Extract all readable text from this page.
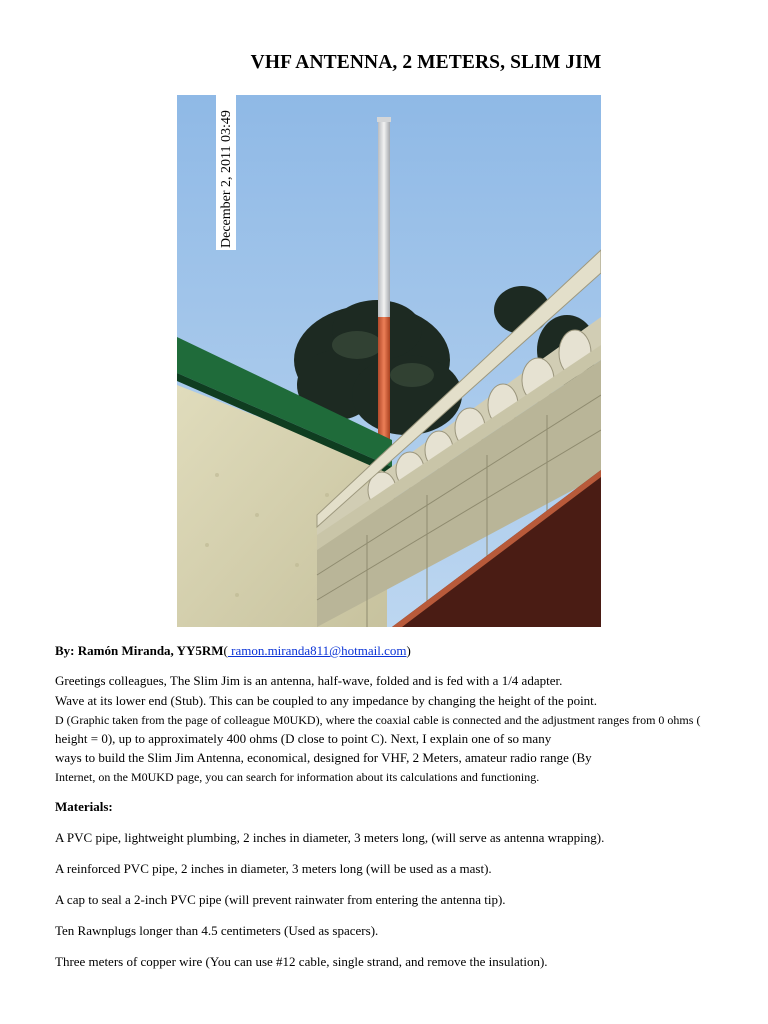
VHF ANTENNA, 2 METERS, SLIM JIM
December 2, 2011 03:49
By: Ramón Miranda, YY5RM( ramon.miranda811@hotmail.com)
Greetings colleagues, The Slim Jim is an antenna, half-wave, folded and is fed with a 1/4 adapter.
Wave at its lower end (Stub). This can be coupled to any impedance by changing the height of the point.
D (Graphic taken from the page of colleague M0UKD), where the coaxial cable is connected and the adjustment ranges from 0 ohms (
height = 0), up to approximately 400 ohms (D close to point C). Next, I explain one of so many
ways to build the Slim Jim Antenna, economical, designed for VHF, 2 Meters, amateur radio range (By
Internet, on the M0UKD page, you can search for information about its calculations and functioning.
Materials:
A PVC pipe, lightweight plumbing, 2 inches in diameter, 3 meters long, (will serve as antenna wrapping).
A reinforced PVC pipe, 2 inches in diameter, 3 meters long (will be used as a mast).
A cap to seal a 2-inch PVC pipe (will prevent rainwater from entering the antenna tip).
Ten Rawnplugs longer than 4.5 centimeters (Used as spacers).
Three meters of copper wire (You can use #12 cable, single strand, and remove the insulation).
